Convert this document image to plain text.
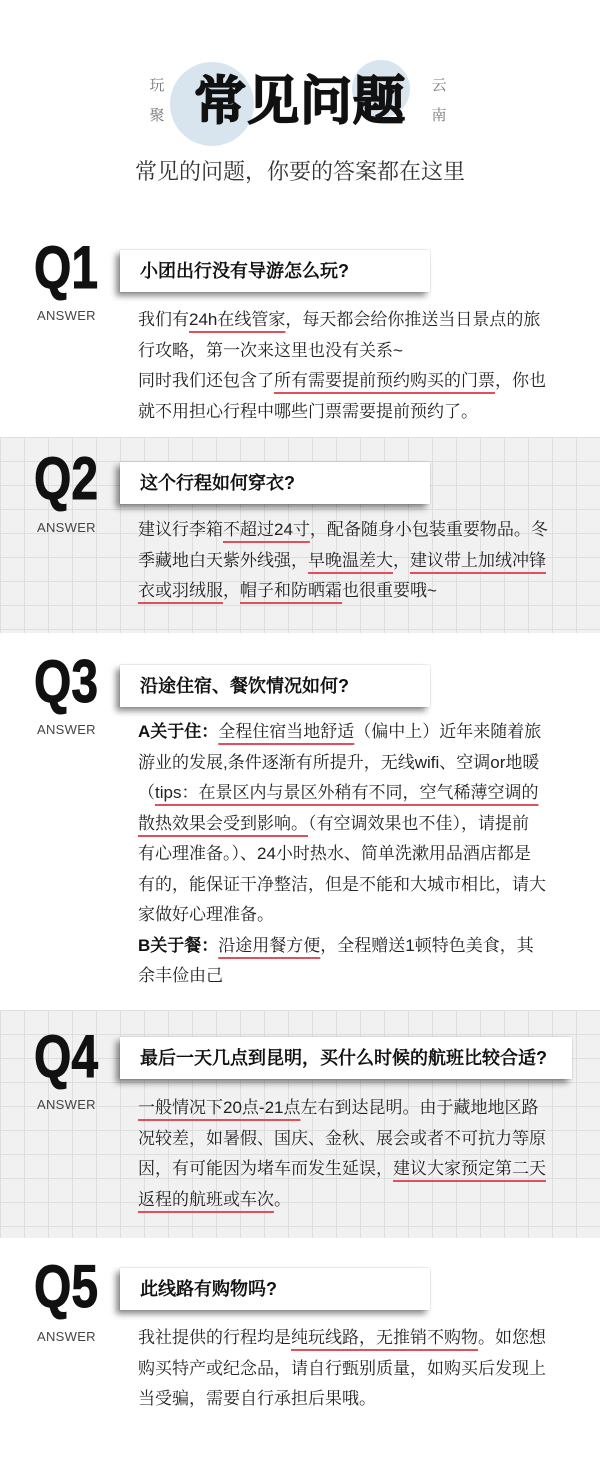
玩
聚 常见问题	云
南
常见的问题，你要的答案都在这里
Q1
ANSWER
小团出行没有导游怎么玩?
我们有24h在线管家，每天都会给你推送当日景点的旅
行攻略，第一次来这里也没有关系~
同时我们还包含了所有需要提前预约购买的门票，你也
就不用担心行程中哪些门票需要提前预约了。
Q2
ANSWER
这个行程如何穿衣?
建议行李箱不超过24寸，配备随身小包装重要物品。冬
季藏地白天紫外线强，早晚温差大，建议带上加绒冲锋
衣或羽绒服，帽子和防晒霜也很重要哦~
Q3
ANSWER
沿途住宿、餐饮情况如何?
A关于住：全程住宿当地舒适（偏中上）近年来随着旅
游业的发展,条件逐渐有所提升，无线wifi、空调or地暖
（tips：在景区内与景区外稍有不同，空气稀薄空调的
散热效果会受到影响。（有空调效果也不佳），请提前
有心理准备。）、24小时热水、简单洗漱用品酒店都是
有的，能保证干净整洁，但是不能和大城市相比，请大
家做好心理准备。
B关于餐：沿途用餐方便，全程赠送1顿特色美食，其
余丰俭由己
Q4
ANSWER
最后一天几点到昆明，买什么时候的航班比较合适?
一般情况下20点-21点左右到达昆明。由于藏地地区路
况较差，如暑假、国庆、金秋、展会或者不可抗力等原
因，有可能因为堵车而发生延误，建议大家预定第二天
返程的航班或车次。
Q5
ANSWER
此线路有购物吗?
我社提供的行程均是纯玩线路，无推销不购物。如您想
购买特产或纪念品，请自行甄别质量，如购买后发现上
当受骗，需要自行承担后果哦。
